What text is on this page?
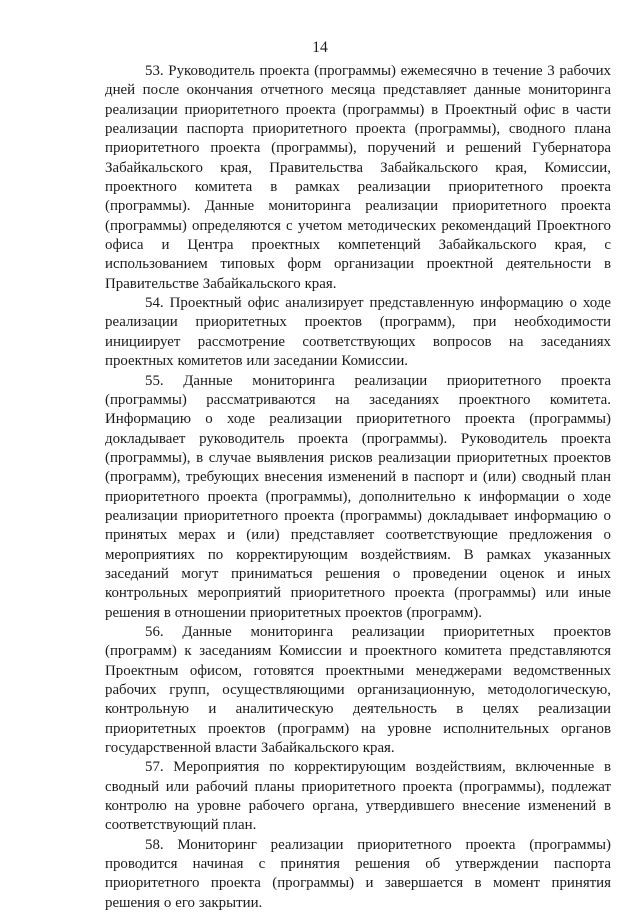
14

53. Руководитель проекта (программы) ежемесячно в течение 3 рабочих дней после окончания отчетного месяца представляет данные мониторинга реализации приоритетного проекта (программы) в Проектный офис в части реализации паспорта приоритетного проекта (программы), сводного плана приоритетного проекта (программы), поручений и решений Губернатора Забайкальского края, Правительства Забайкальского края, Комиссии, проектного комитета в рамках реализации приоритетного проекта (программы). Данные мониторинга реализации приоритетного проекта (программы) определяются с учетом методических рекомендаций Проектного офиса и Центра проектных компетенций Забайкальского края, с использованием типовых форм организации проектной деятельности в Правительстве Забайкальского края.

54. Проектный офис анализирует представленную информацию о ходе реализации приоритетных проектов (программ), при необходимости инициирует рассмотрение соответствующих вопросов на заседаниях проектных комитетов или заседании Комиссии.

55. Данные мониторинга реализации приоритетного проекта (программы) рассматриваются на заседаниях проектного комитета. Информацию о ходе реализации приоритетного проекта (программы) докладывает руководитель проекта (программы). Руководитель проекта (программы), в случае выявления рисков реализации приоритетных проектов (программ), требующих внесения изменений в паспорт и (или) сводный план приоритетного проекта (программы), дополнительно к информации о ходе реализации приоритетного проекта (программы) докладывает информацию о принятых мерах и (или) представляет соответствующие предложения о мероприятиях по корректирующим воздействиям. В рамках указанных заседаний могут приниматься решения о проведении оценок и иных контрольных мероприятий приоритетного проекта (программы) или иные решения в отношении приоритетных проектов (программ).

56. Данные мониторинга реализации приоритетных проектов (программ) к заседаниям Комиссии и проектного комитета представляются Проектным офисом, готовятся проектными менеджерами ведомственных рабочих групп, осуществляющими организационную, методологическую, контрольную и аналитическую деятельность в целях реализации приоритетных проектов (программ) на уровне исполнительных органов государственной власти Забайкальского края.

57. Мероприятия по корректирующим воздействиям, включенные в сводный или рабочий планы приоритетного проекта (программы), подлежат контролю на уровне рабочего органа, утвердившего внесение изменений в соответствующий план.

58. Мониторинг реализации приоритетного проекта (программы) проводится начиная с принятия решения об утверждении паспорта приоритетного проекта (программы) и завершается в момент принятия решения о его закрытии.
